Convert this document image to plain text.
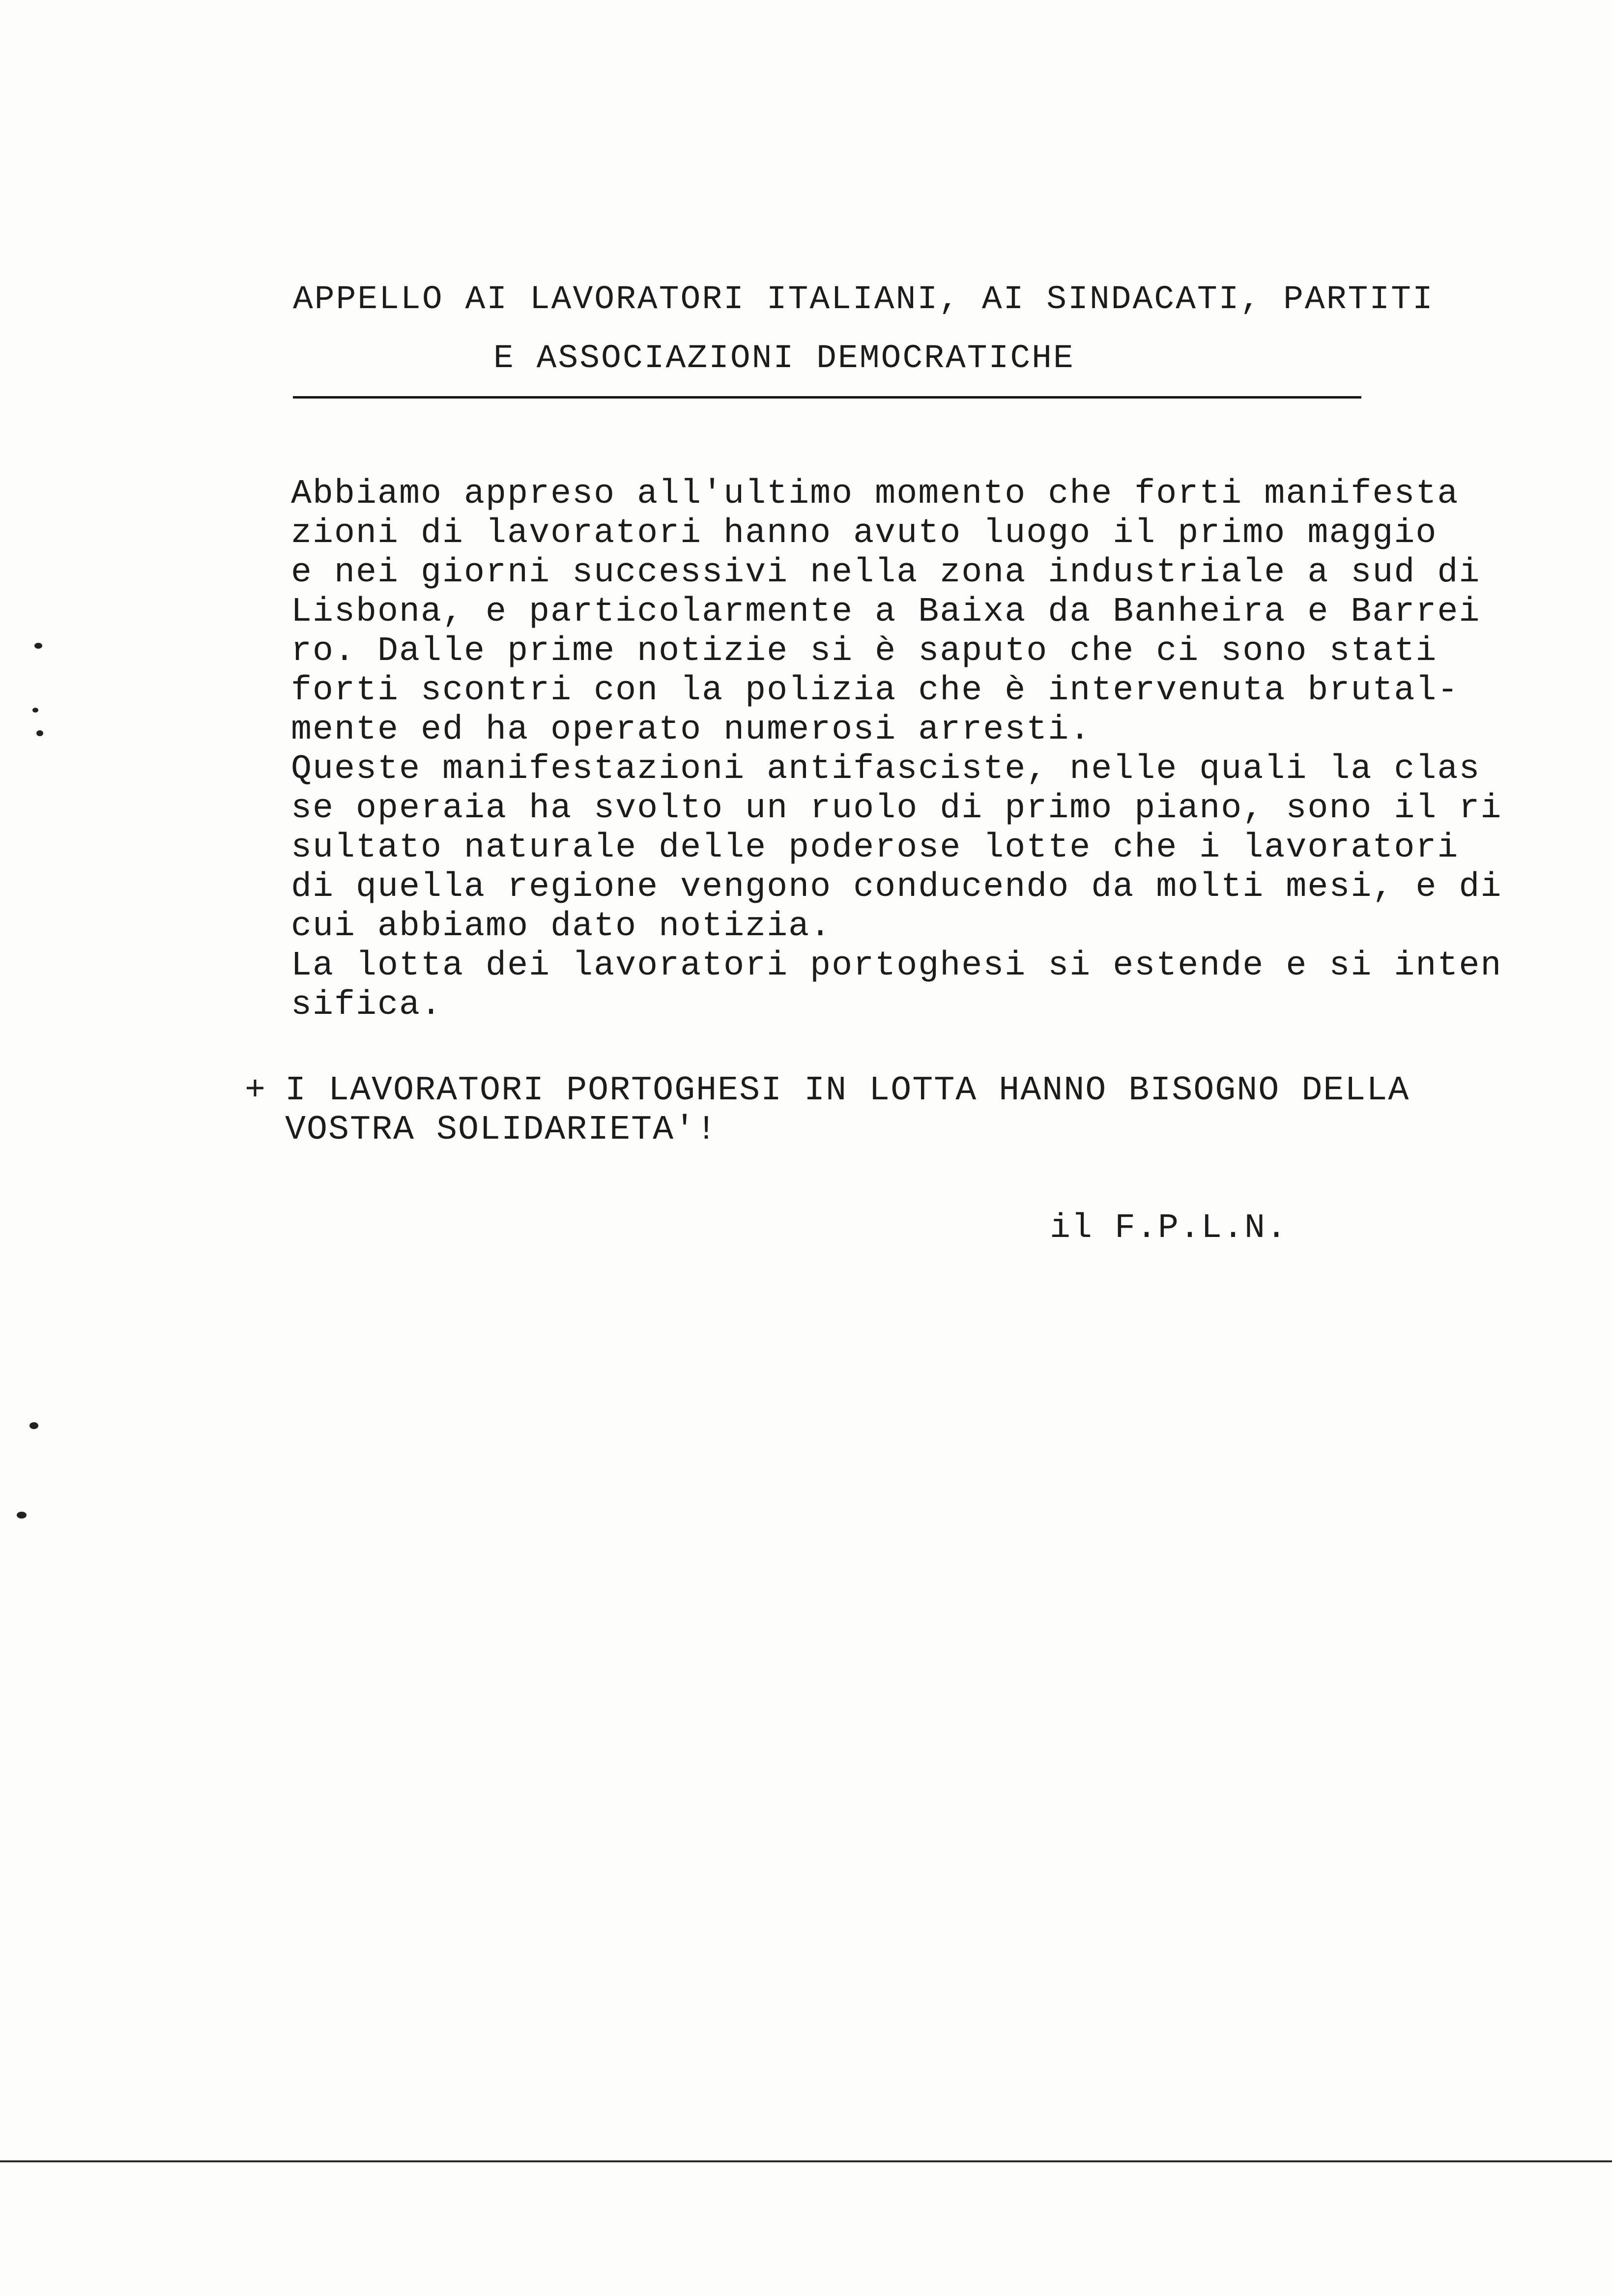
APPELLO AI LAVORATORI ITALIANI, AI SINDACATI, PARTITI
E ASSOCIAZIONI DEMOCRATICHE
Abbiamo appreso all'ultimo momento che forti manifesta
zioni di lavoratori hanno avuto luogo il primo maggio
e nei giorni successivi nella zona industriale a sud di
Lisbona, e particolarmente a Baixa da Banheira e Barrei
ro. Dalle prime notizie si è saputo che ci sono stati
forti scontri con la polizia che è intervenuta brutal-
mente ed ha operato numerosi arresti.
Queste manifestazioni antifasciste, nelle quali la clas
se operaia ha svolto un ruolo di primo piano, sono il ri
sultato naturale delle poderose lotte che i lavoratori
di quella regione vengono conducendo da molti mesi, e di
cui abbiamo dato notizia.
La lotta dei lavoratori portoghesi si estende e si inten
sifica.
+ I LAVORATORI PORTOGHESI IN LOTTA HANNO BISOGNO DELLA
VOSTRA SOLIDARIETA'!
il F.P.L.N.
